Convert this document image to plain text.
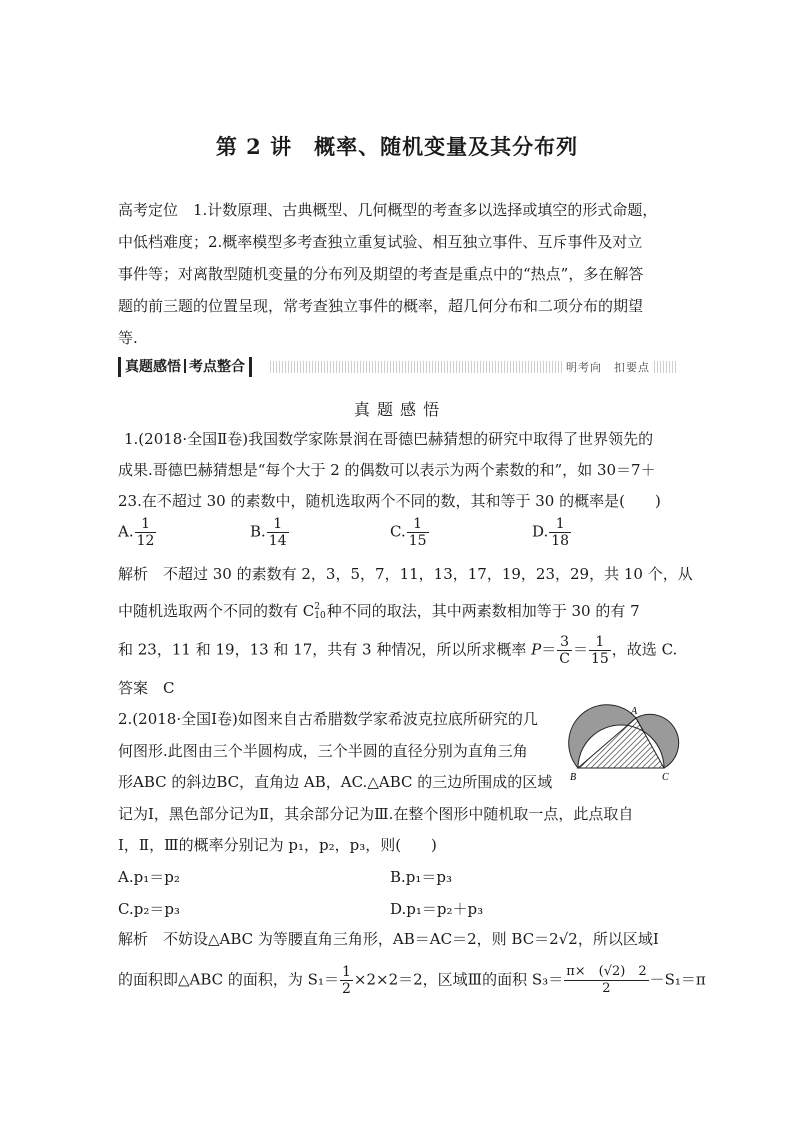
第 2 讲　概率、随机变量及其分布列
高考定位　1.计数原理、古典概型、几何概型的考查多以选择或填空的形式命题，
中低档难度；2.概率模型多考查独立重复试验、相互独立事件、互斥事件及对立
事件等；对离散型随机变量的分布列及期望的考查是重点中的“热点”，多在解答
题的前三题的位置呈现，常考查独立事件的概率，超几何分布和二项分布的期望
等.
真题感悟 考点整合	明考向　扣要点
真 题 感 悟
1.(2018·全国Ⅱ卷)我国数学家陈景润在哥德巴赫猜想的研究中取得了世界领先的
成果.哥德巴赫猜想是“每个大于 2 的偶数可以表示为两个素数的和”，如 30＝7＋
23.在不超过 30 的素数中，随机选取两个不同的数，其和等于 30 的概率是(　　)
A. $\frac{1}{12}$	B. $\frac{1}{14}$	C. $\frac{1}{15}$	D. $\frac{1}{18}$
解析　不超过 30 的素数有 2，3，5，7，11，13，17，19，23，29，共 10 个，从
中随机选取两个不同的数有 C 2
10 种不同的取法，其中两素数相加等于 30 的有 7
和 23，11 和 19，13 和 17，共有 3 种情况，所以所求概率 $P= \frac{3}{C} = \frac{1}{15}$ ，故选 C.
答案　C
2.(2018·全国Ⅰ卷)如图来自古希腊数学家希波克拉底所研究的几
何图形.此图由三个半圆构成，三个半圆的直径分别为直角三角
形ABC 的斜边BC，直角边 AB，AC.△ABC 的三边所围成的区域
记为Ⅰ，黑色部分记为Ⅱ，其余部分记为Ⅲ.在整个图形中随机取一点，此点取自
Ⅰ，Ⅱ，Ⅲ的概率分别记为 p₁，p₂，p₃，则(　　)
A.p₁＝p₂	B.p₁＝p₃
C.p₂＝p₃	D.p₁＝p₂＋p₃
解析　不妨设△ABC 为等腰直角三角形，AB＝AC＝2，则 BC＝2√2，所以区域Ⅰ
的面积即△ABC 的面积，为 $S_1= \frac{1}{2} \times 2\times 2=2$，区域Ⅲ的面积 $S_3= \frac{\pi\times (√2) 2}{2} -S_1=\pi$
A
B	C
